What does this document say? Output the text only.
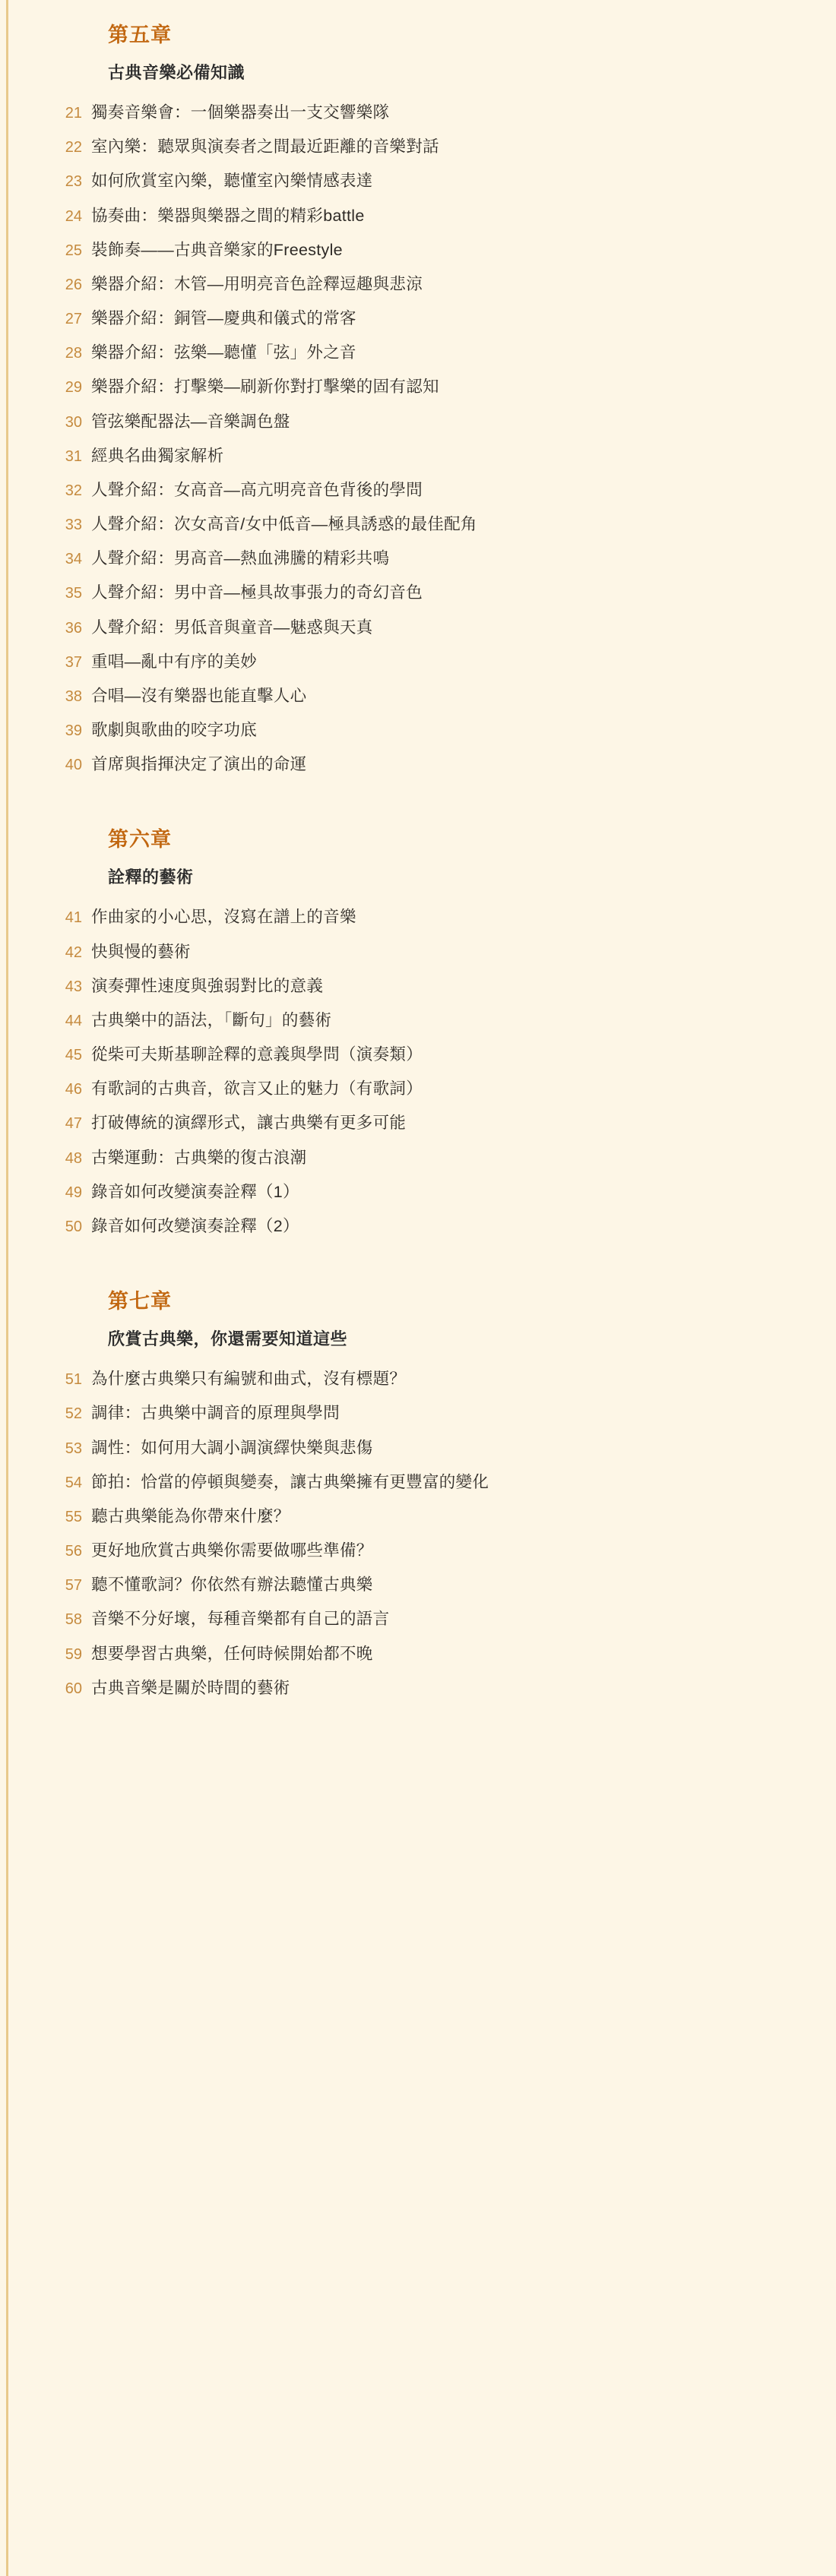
第五章
古典音樂必備知識
21 獨奏音樂會：一個樂器奏出一支交響樂隊
22 室內樂：聽眾與演奏者之間最近距離的音樂對話
23 如何欣賞室內樂，聽懂室內樂情感表達
24 協奏曲：樂器與樂器之間的精彩battle
25 裝飾奏——古典音樂家的Freestyle
26 樂器介紹：木管—用明亮音色詮釋逗趣與悲涼
27 樂器介紹：銅管—慶典和儀式的常客
28 樂器介紹：弦樂—聽懂「弦」外之音
29 樂器介紹：打擊樂—刷新你對打擊樂的固有認知
30 管弦樂配器法—音樂調色盤
31 經典名曲獨家解析
32 人聲介紹：女高音—高亢明亮音色背後的學問
33 人聲介紹：次女高音/女中低音—極具誘惑的最佳配角
34 人聲介紹：男高音—熱血沸騰的精彩共鳴
35 人聲介紹：男中音—極具故事張力的奇幻音色
36 人聲介紹：男低音與童音—魅惑與天真
37 重唱—亂中有序的美妙
38 合唱—沒有樂器也能直擊人心
39 歌劇與歌曲的咬字功底
40 首席與指揮決定了演出的命運
第六章
詮釋的藝術
41 作曲家的小心思，沒寫在譜上的音樂
42 快與慢的藝術
43 演奏彈性速度與強弱對比的意義
44 古典樂中的語法，「斷句」的藝術
45 從柴可夫斯基聊詮釋的意義與學問（演奏類）
46 有歌詞的古典音，欲言又止的魅力（有歌詞）
47 打破傳統的演繹形式，讓古典樂有更多可能
48 古樂運動：古典樂的復古浪潮
49 錄音如何改變演奏詮釋（1）
50 錄音如何改變演奏詮釋（2）
第七章
欣賞古典樂，你還需要知道這些
51 為什麼古典樂只有編號和曲式，沒有標題？
52 調律：古典樂中調音的原理與學問
53 調性：如何用大調小調演繹快樂與悲傷
54 節拍：恰當的停頓與變奏，讓古典樂擁有更豐富的變化
55 聽古典樂能為你帶來什麼？
56 更好地欣賞古典樂你需要做哪些準備？
57 聽不懂歌詞？你依然有辦法聽懂古典樂
58 音樂不分好壞，每種音樂都有自己的語言
59 想要學習古典樂，任何時候開始都不晚
60 古典音樂是關於時間的藝術
